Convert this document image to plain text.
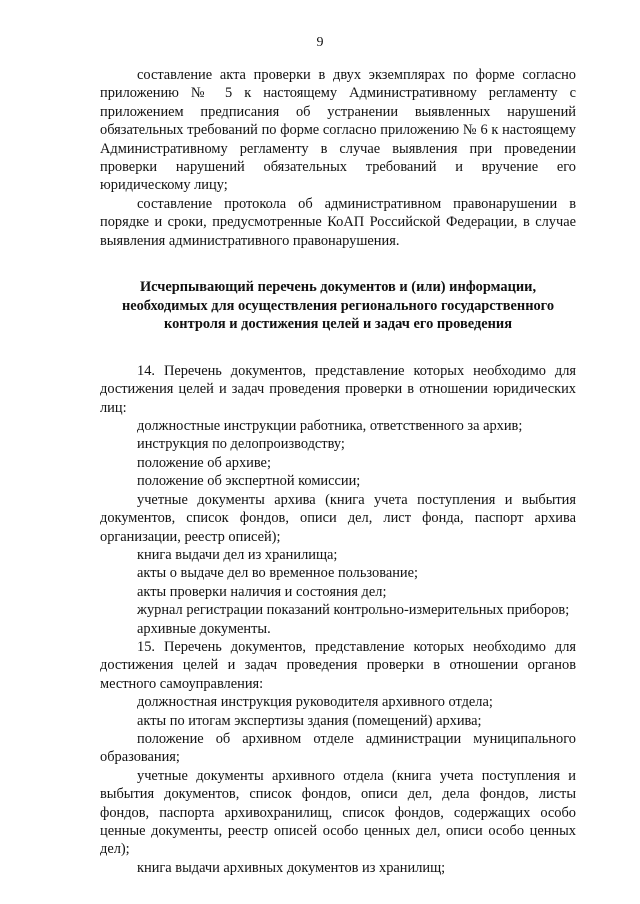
9

составление акта проверки в двух экземплярах по форме согласно приложению № 5 к настоящему Административному регламенту с приложением предписания об устранении выявленных нарушений обязательных требований по форме согласно приложению № 6 к настоящему Административному регламенту в случае выявления при проведении проверки нарушений обязательных требований и вручение его юридическому лицу;

составление протокола об административном правонарушении в порядке и сроки, предусмотренные КоАП Российской Федерации, в случае выявления административного правонарушения.

Исчерпывающий перечень документов и (или) информации, необходимых для осуществления регионального государственного контроля и достижения целей и задач его проведения

14. Перечень документов, представление которых необходимо для достижения целей и задач проведения проверки в отношении юридических лиц:

должностные инструкции работника, ответственного за архив;

инструкция по делопроизводству;

положение об архиве;

положение об экспертной комиссии;

учетные документы архива (книга учета поступления и выбытия документов, список фондов, описи дел, лист фонда, паспорт архива организации, реестр описей);

книга выдачи дел из хранилища;

акты о выдаче дел во временное пользование;

акты проверки наличия и состояния дел;

журнал регистрации показаний контрольно-измерительных приборов;

архивные документы.

15. Перечень документов, представление которых необходимо для достижения целей и задач проведения проверки в отношении органов местного самоуправления:

должностная инструкция руководителя архивного отдела;

акты по итогам экспертизы здания (помещений) архива;

положение об архивном отделе администрации муниципального образования;

учетные документы архивного отдела (книга учета поступления и выбытия документов, список фондов, описи дел, дела фондов, листы фондов, паспорта архивохранилищ, список фондов, содержащих особо ценные документы, реестр описей особо ценных дел, описи особо ценных дел);

книга выдачи архивных документов из хранилищ;
